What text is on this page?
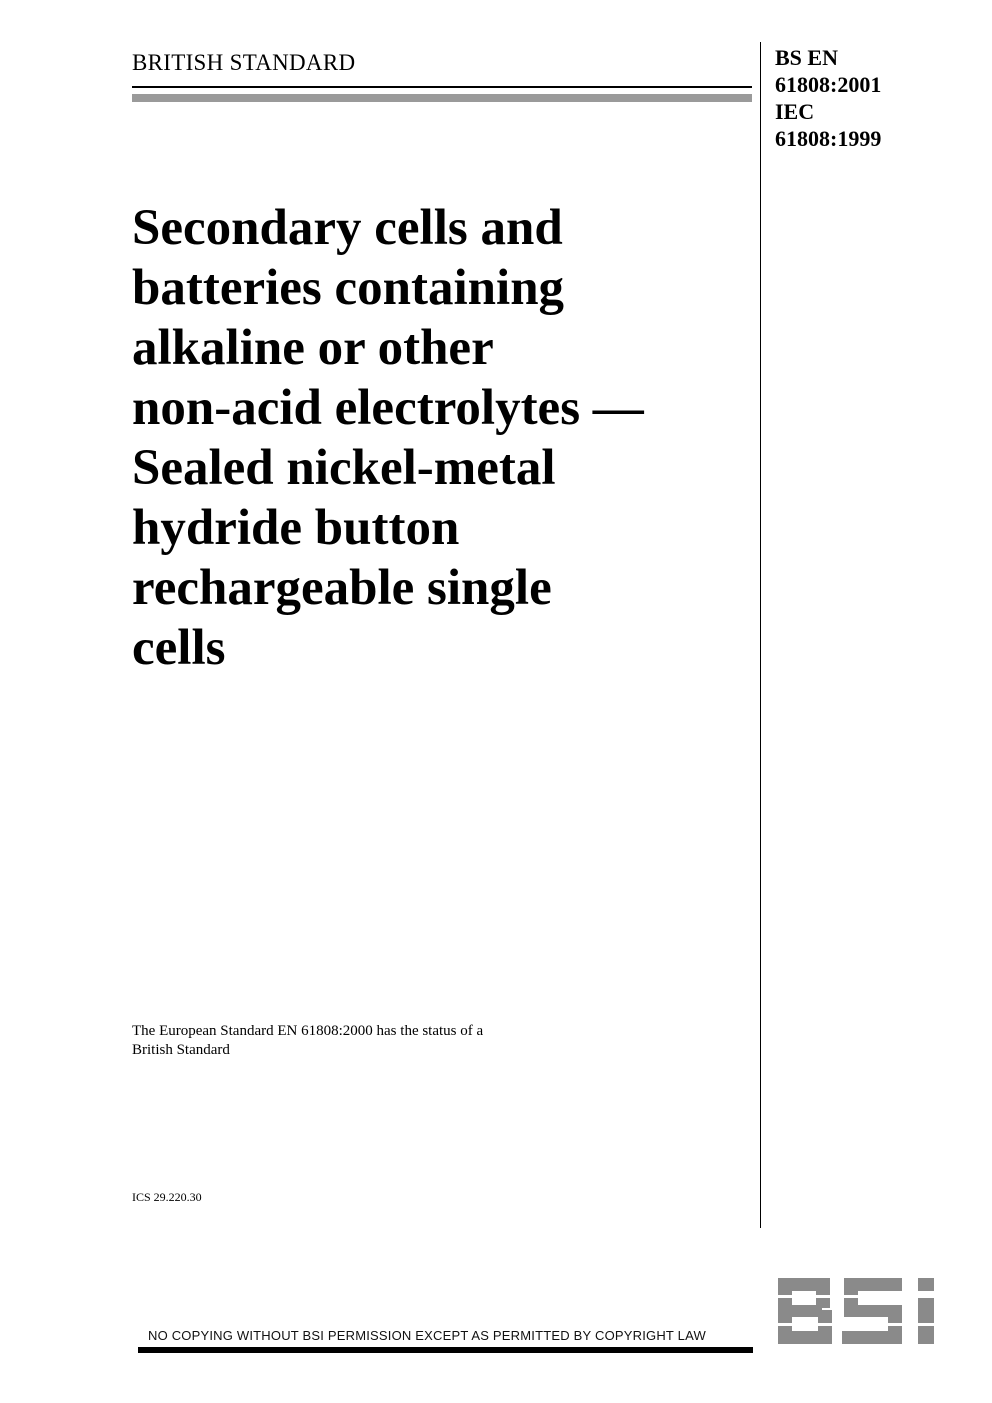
BRITISH STANDARD	BS EN
61808:2001
IEC
61808:1999
Secondary cells and
batteries containing
alkaline or other
non-acid electrolytes —
Sealed nickel-metal
hydride button
rechargeable single
cells
The European Standard EN 61808:2000 has the status of a
British Standard
ICS 29.220.30
NO COPYING WITHOUT BSI PERMISSION EXCEPT AS PERMITTED BY COPYRIGHT LAW
